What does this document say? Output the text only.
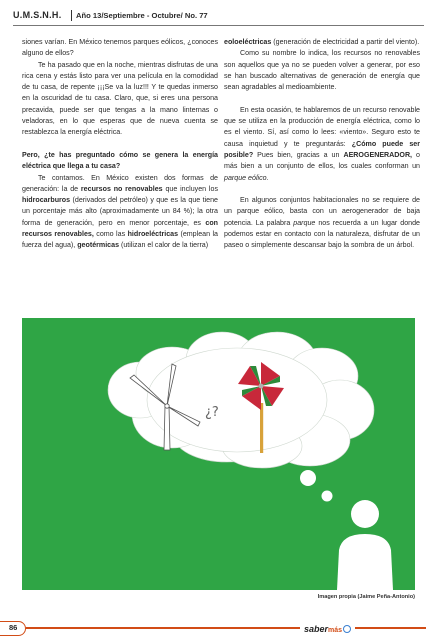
U.M.S.N.H. Año 13/Septiembre - Octubre/ No. 77

siones varían. En México tenemos parques eólicos, ¿conoces alguno de ellos?

Te ha pasado que en la noche, mientras disfrutas de una rica cena y estás listo para ver una película en la comodidad de tu casa, de repente ¡¡¡Se va la luz!!! Y te quedas inmerso en la oscuridad de tu casa. Claro, que, si eres una persona precavida, puede ser que tengas a la mano linternas o veladoras, en lo que esperas que de nueva cuenta se restablezca la energía eléctrica.

Pero, ¿te has preguntado cómo se genera la energía eléctrica que llega a tu casa?

Te contamos. En México existen dos formas de generación: la de recursos no renovables que incluyen los hidrocarburos (derivados del petróleo) y que es la que tiene un porcentaje más alto (aproximadamente un 84 %); la otra forma de generación, pero en menor porcentaje, es con recursos renovables, como las hidroeléctricas (emplean la fuerza del agua), geotérmicas (utilizan el calor de la tierra)

eoloeléctricas (generación de electricidad a partir del viento).

Como su nombre lo indica, los recursos no renovables son aquellos que ya no se pueden volver a generar, por eso se han buscado alternativas de generación de energía que sean agradables al medioambiente.

En esta ocasión, te hablaremos de un recurso renovable que se utiliza en la producción de energía eléctrica, como lo es el viento. Sí, así como lo lees: «viento». Seguro esto te causa inquietud y te preguntarás: ¿Cómo puede ser posible? Pues bien, gracias a un AEROGENERADOR, o más bien a un conjunto de ellos, los cuales conforman un parque eólico.

En algunos conjuntos habitacionales no se requiere de un parque eólico, basta con un aerogenerador de baja potencia. La palabra parque nos recuerda a un lugar donde podemos estar en contacto con la naturaleza, disfrutar de un paseo o simplemente descansar bajo la sombra de un árbol.

¿?
Imagen propia (Jaime Peña-Antonio)
86	sabermás
